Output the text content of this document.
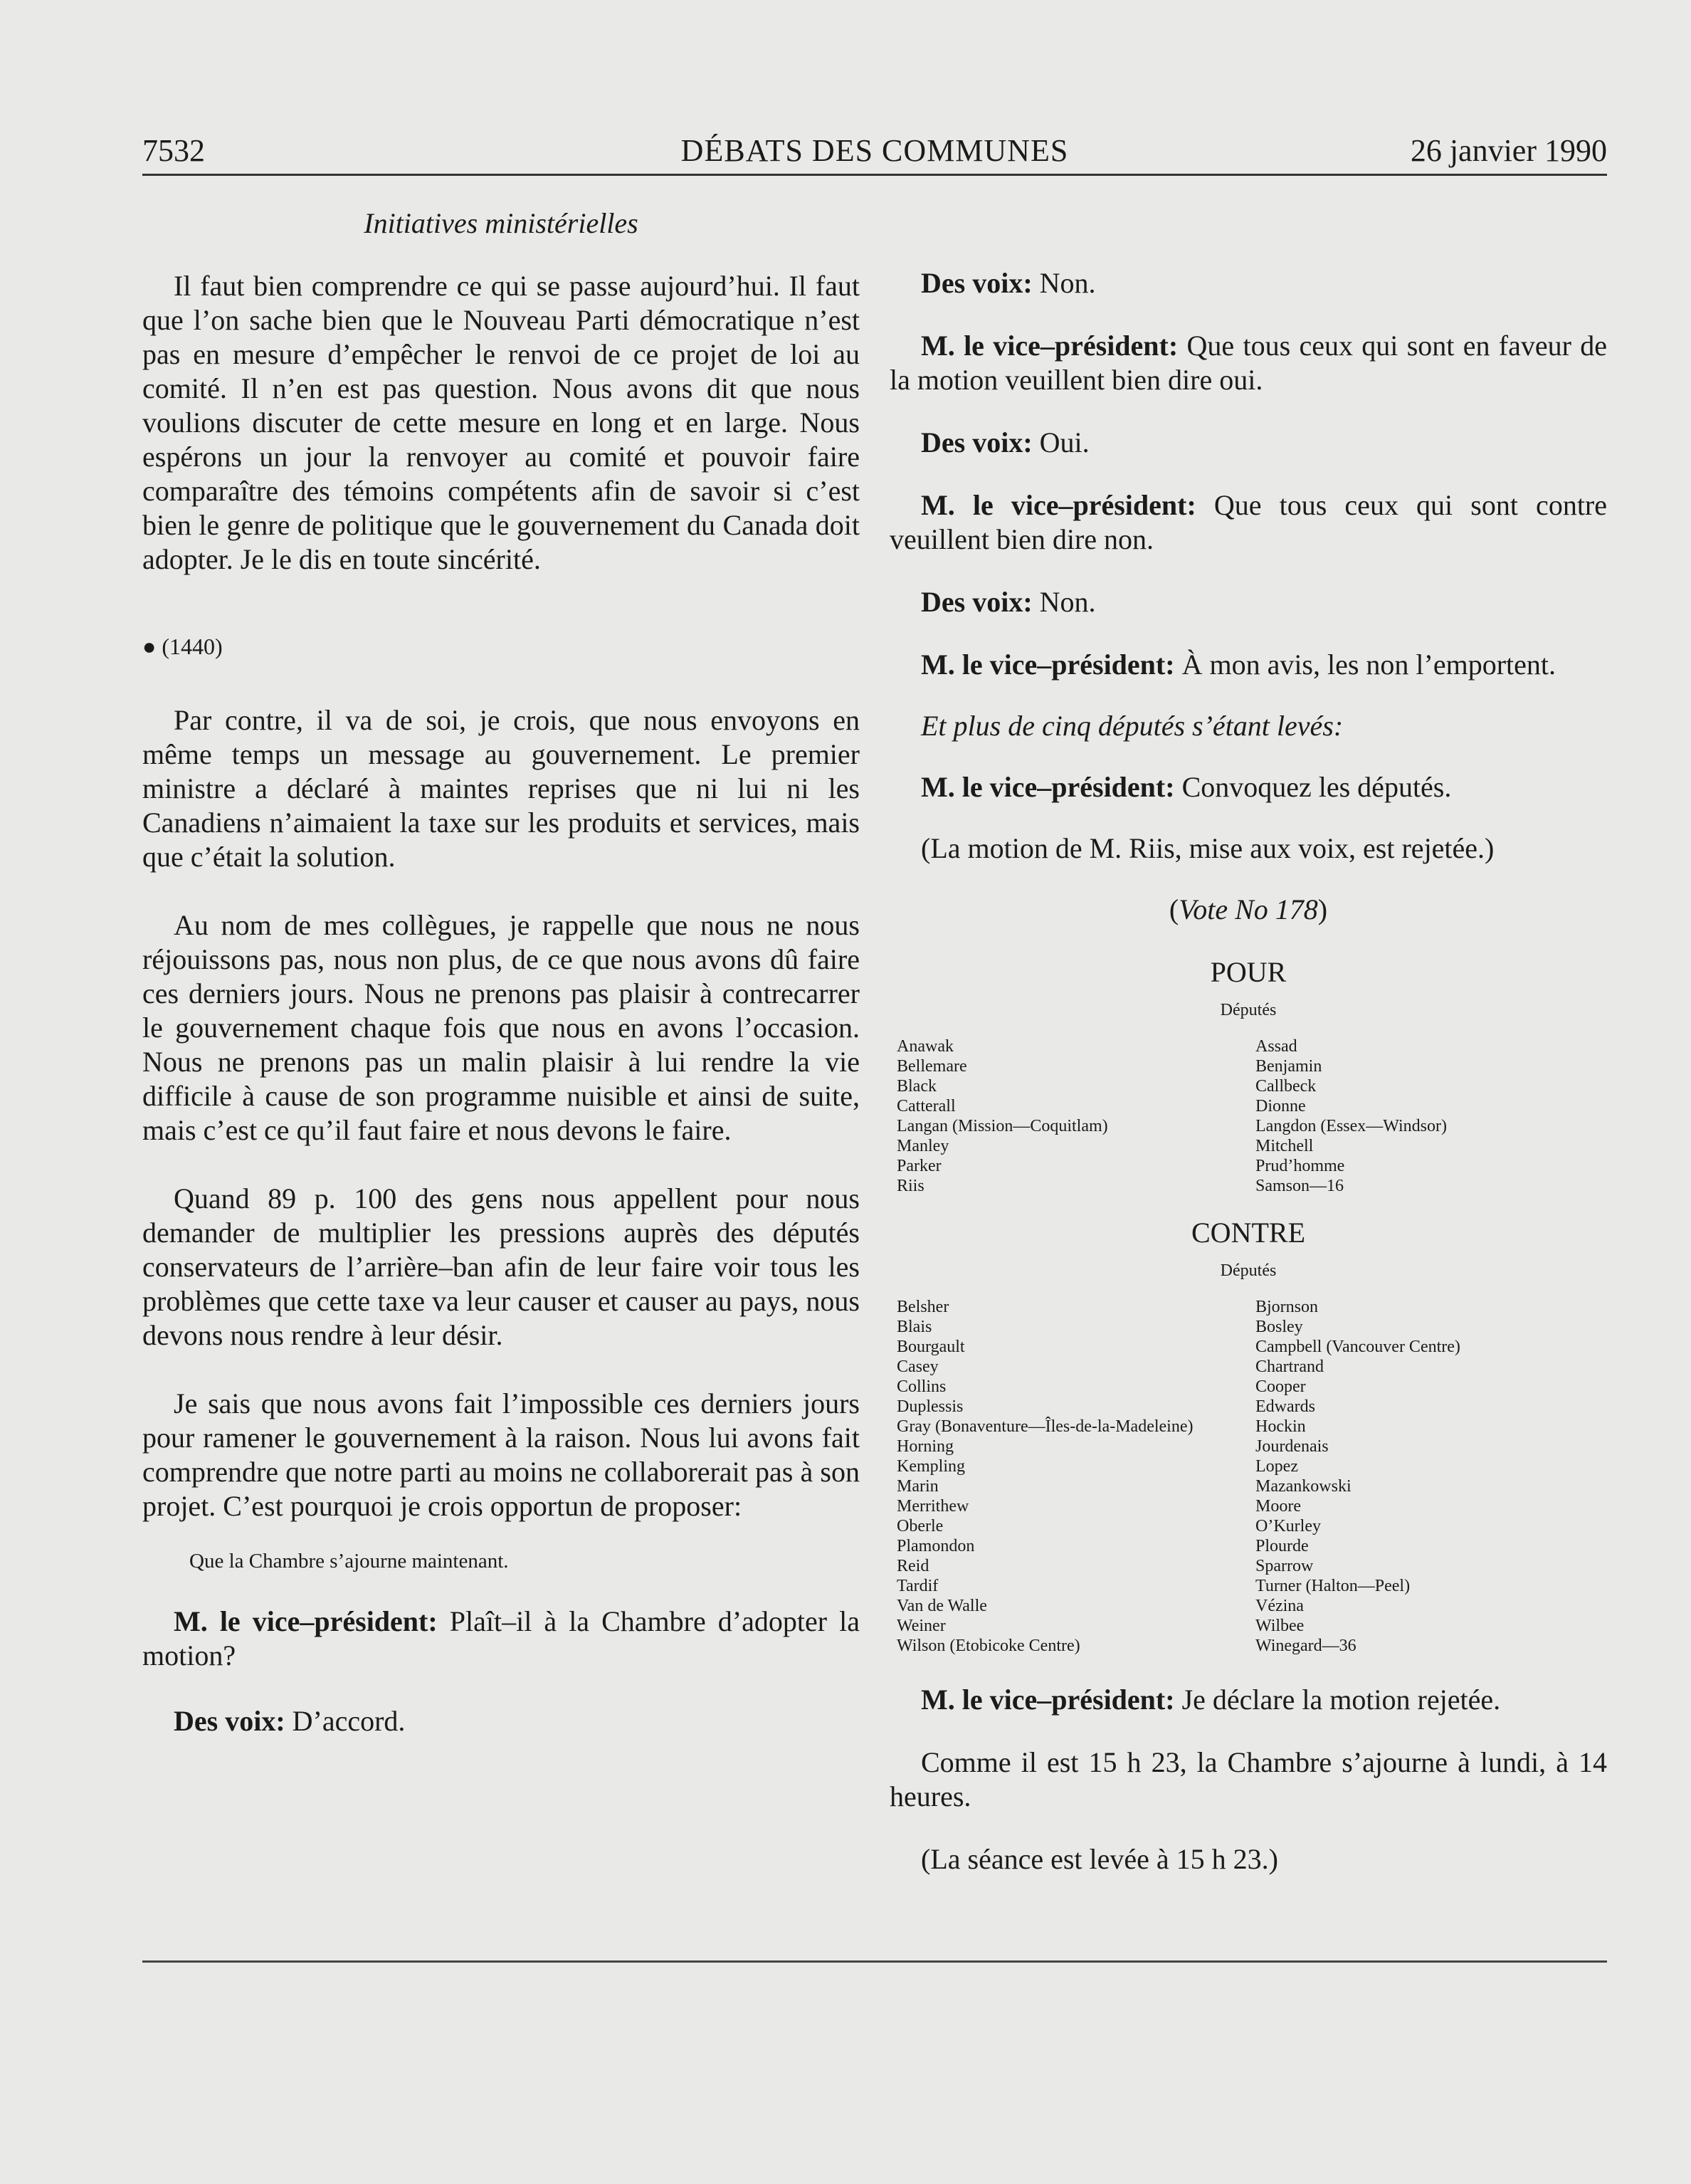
7532	DÉBATS DES COMMUNES	26 janvier 1990

Initiatives ministérielles

Il faut bien comprendre ce qui se passe aujourd’hui. Il faut que l’on sache bien que le Nouveau Parti démocratique n’est pas en mesure d’empêcher le renvoi de ce projet de loi au comité. Il n’en est pas question. Nous avons dit que nous voulions discuter de cette mesure en long et en large. Nous espérons un jour la renvoyer au comité et pouvoir faire comparaître des témoins compétents afin de savoir si c’est bien le genre de politique que le gouvernement du Canada doit adopter. Je le dis en toute sincérité.

● (1440)

Par contre, il va de soi, je crois, que nous envoyons en même temps un message au gouvernement. Le premier ministre a déclaré à maintes reprises que ni lui ni les Canadiens n’aimaient la taxe sur les produits et services, mais que c’était la solution.

Au nom de mes collègues, je rappelle que nous ne nous réjouissons pas, nous non plus, de ce que nous avons dû faire ces derniers jours. Nous ne prenons pas plaisir à contrecarrer le gouvernement chaque fois que nous en avons l’occasion. Nous ne prenons pas un malin plaisir à lui rendre la vie difficile à cause de son programme nuisible et ainsi de suite, mais c’est ce qu’il faut faire et nous devons le faire.

Quand 89 p. 100 des gens nous appellent pour nous demander de multiplier les pressions auprès des députés conservateurs de l’arrière–ban afin de leur faire voir tous les problèmes que cette taxe va leur causer et causer au pays, nous devons nous rendre à leur désir.

Je sais que nous avons fait l’impossible ces derniers jours pour ramener le gouvernement à la raison. Nous lui avons fait comprendre que notre parti au moins ne collaborerait pas à son projet. C’est pourquoi je crois opportun de proposer:

Que la Chambre s’ajourne maintenant.

M. le vice–président: Plaît–il à la Chambre d’adopter la motion?

Des voix: D’accord.

Des voix: Non.

M. le vice–président: Que tous ceux qui sont en faveur de la motion veuillent bien dire oui.

Des voix: Oui.

M. le vice–président: Que tous ceux qui sont contre veuillent bien dire non.

Des voix: Non.

M. le vice–président: À mon avis, les non l’emportent.

Et plus de cinq députés s’étant levés:

M. le vice–président: Convoquez les députés.

(La motion de M. Riis, mise aux voix, est rejetée.)

(Vote No 178)

POUR

Députés

Anawak
Bellemare
Black
Catterall
Langan (Mission—Coquitlam)
Manley
Parker
Riis
Assad
Benjamin
Callbeck
Dionne
Langdon (Essex—Windsor)
Mitchell
Prud’homme
Samson—16

CONTRE

Députés

Belsher
Blais
Bourgault
Casey
Collins
Duplessis
Gray (Bonaventure—Îles-de-la-Madeleine)
Horning
Kempling
Marin
Merrithew
Oberle
Plamondon
Reid
Tardif
Van de Walle
Weiner
Wilson (Etobicoke Centre)
Bjornson
Bosley
Campbell (Vancouver Centre)
Chartrand
Cooper
Edwards
Hockin
Jourdenais
Lopez
Mazankowski
Moore
O’Kurley
Plourde
Sparrow
Turner (Halton—Peel)
Vézina
Wilbee
Winegard—36

M. le vice–président: Je déclare la motion rejetée.

Comme il est 15 h 23, la Chambre s’ajourne à lundi, à 14 heures.

(La séance est levée à 15 h 23.)
